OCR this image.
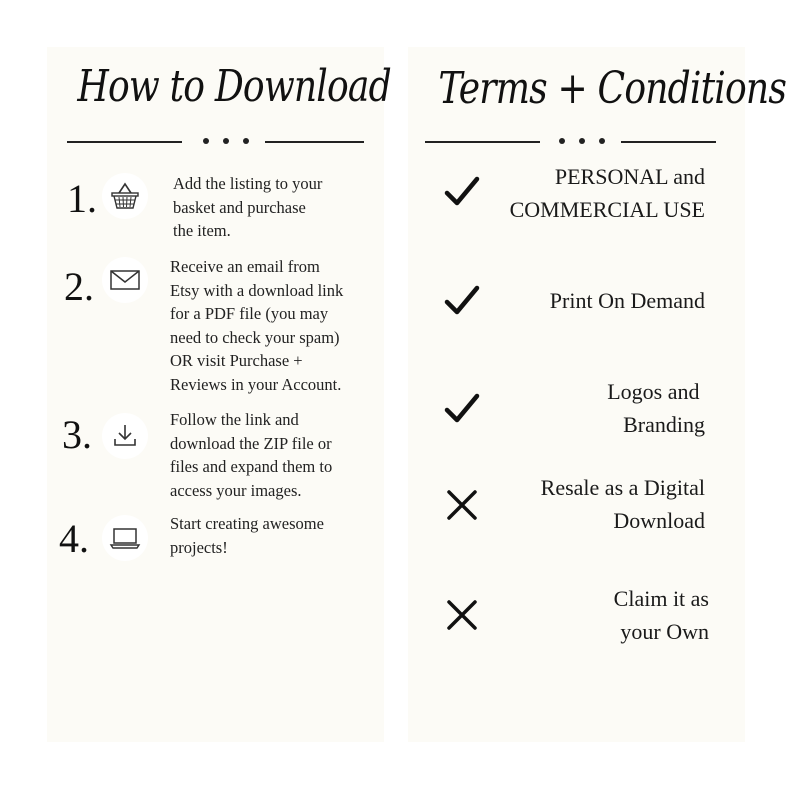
How to Download
1.	Add the listing to your
basket and purchase
the item.
2.	Receive an email from
Etsy with a download link
for a PDF file (you may
need to check your spam)
OR visit Purchase +
Reviews in your Account.
3.	Follow the link and
download the ZIP file or
files and expand them to
access your images.
4.	Start creating awesome
projects!
Terms + Conditions
PERSONAL and
COMMERCIAL USE
Print On Demand
Logos and
Branding
Resale as a Digital
Download
Claim it as
your Own
